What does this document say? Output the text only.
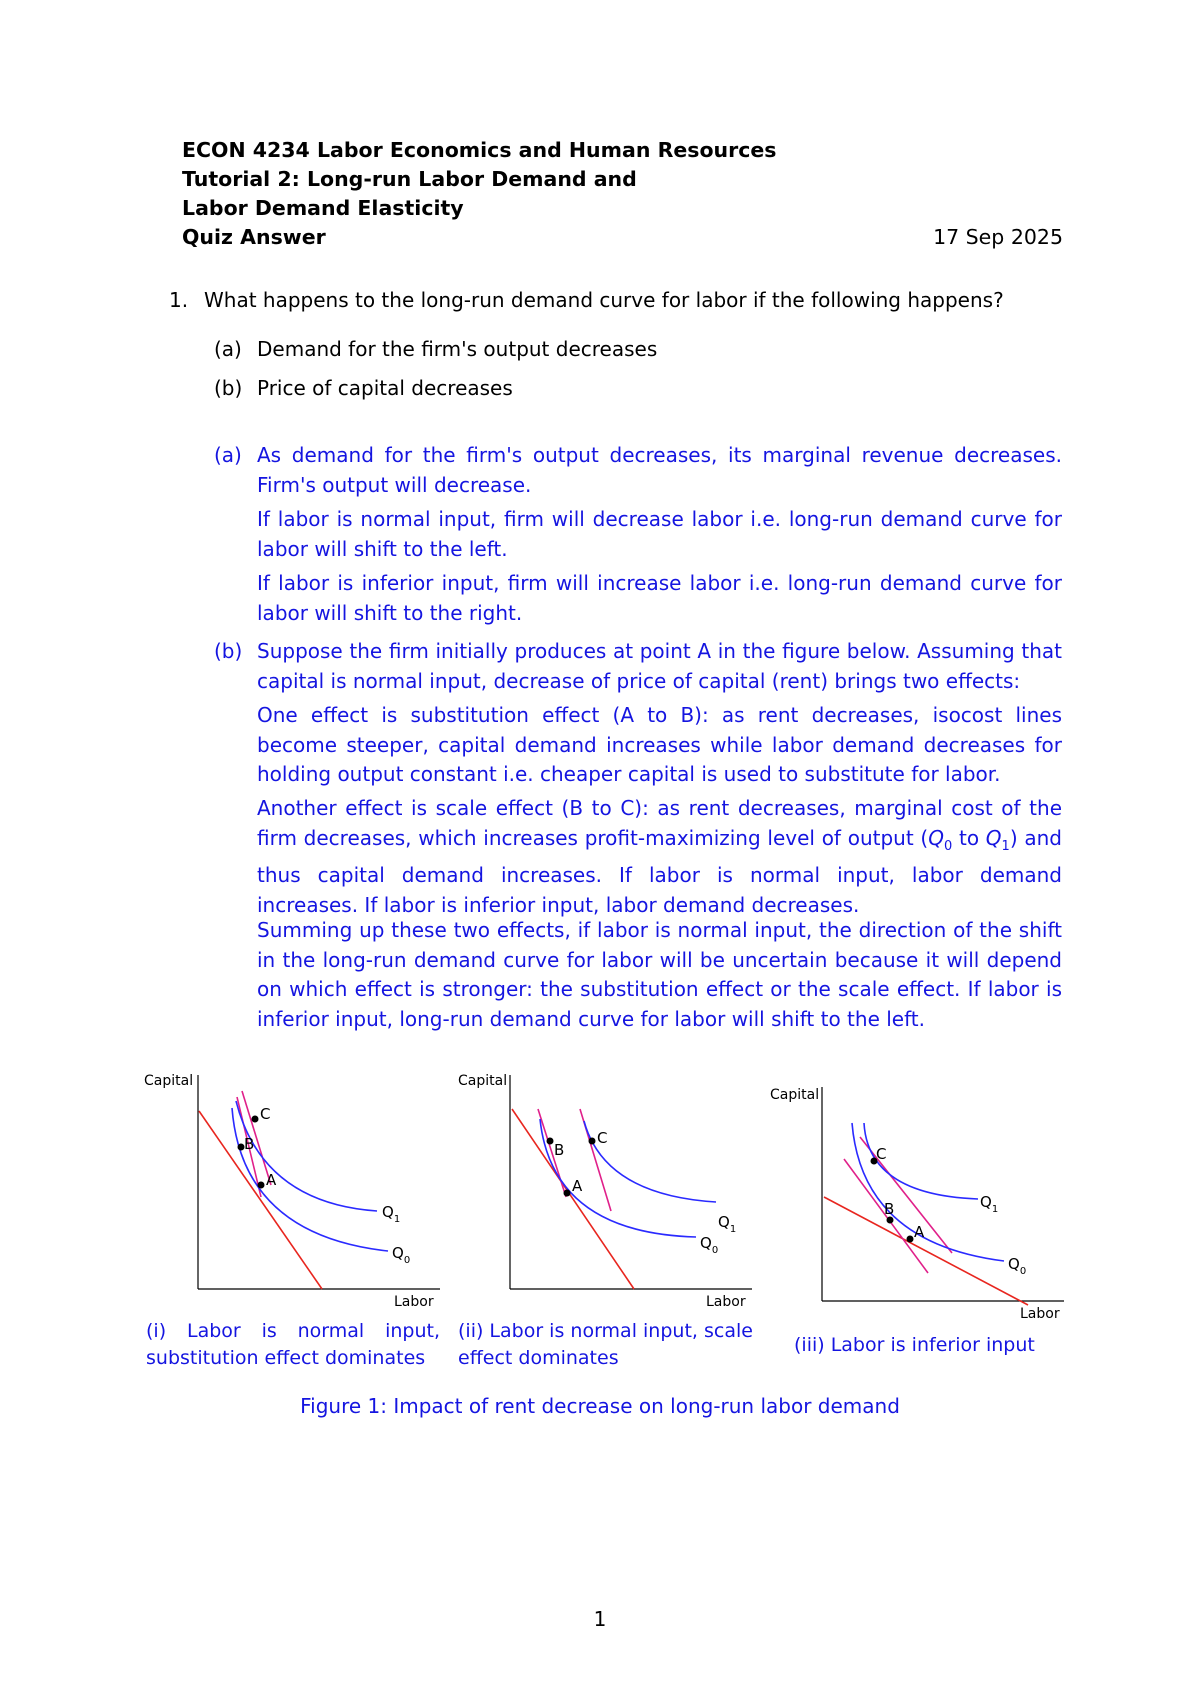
ECON 4234 Labor Economics and Human Resources
Tutorial 2: Long-run Labor Demand and
Labor Demand Elasticity
Quiz Answer	17 Sep 2025
1. What happens to the long-run demand curve for labor if the following happens?
(a) Demand for the firm's output decreases
(b) Price of capital decreases
(a) As demand for the firm's output decreases, its marginal revenue decreases. Firm's output will decrease.
If labor is normal input, firm will decrease labor i.e. long-run demand curve for labor will shift to the left.
If labor is inferior input, firm will increase labor i.e. long-run demand curve for labor will shift to the right.
(b) Suppose the firm initially produces at point A in the figure below. Assuming that capital is normal input, decrease of price of capital (rent) brings two effects:
One effect is substitution effect (A to B): as rent decreases, isocost lines become steeper, capital demand increases while labor demand decreases for holding output constant i.e. cheaper capital is used to substitute for labor.
Another effect is scale effect (B to C): as rent decreases, marginal cost of the firm decreases, which increases profit-maximizing level of output ($Q_0$ to $Q_1$) and thus capital demand increases. If labor is normal input, labor demand increases. If labor is inferior input, labor demand decreases.
Summing up these two effects, if labor is normal input, the direction of the shift in the long-run demand curve for labor will be uncertain because it will depend on which effect is stronger: the substitution effect or the scale effect. If labor is inferior input, long-run demand curve for labor will shift to the left.
Capital
Labor
C
B
A
$Q_1$
$Q_0$
Capital
Labor
C
B
A
$Q_1$
$Q_0$
Capital
Labor
C
B
A
$Q_1$
$Q_0$
(i) Labor is normal input, substitution effect dominates
(ii) Labor is normal input, scale effect dominates
(iii) Labor is inferior input
Figure 1: Impact of rent decrease on long-run labor demand
1
